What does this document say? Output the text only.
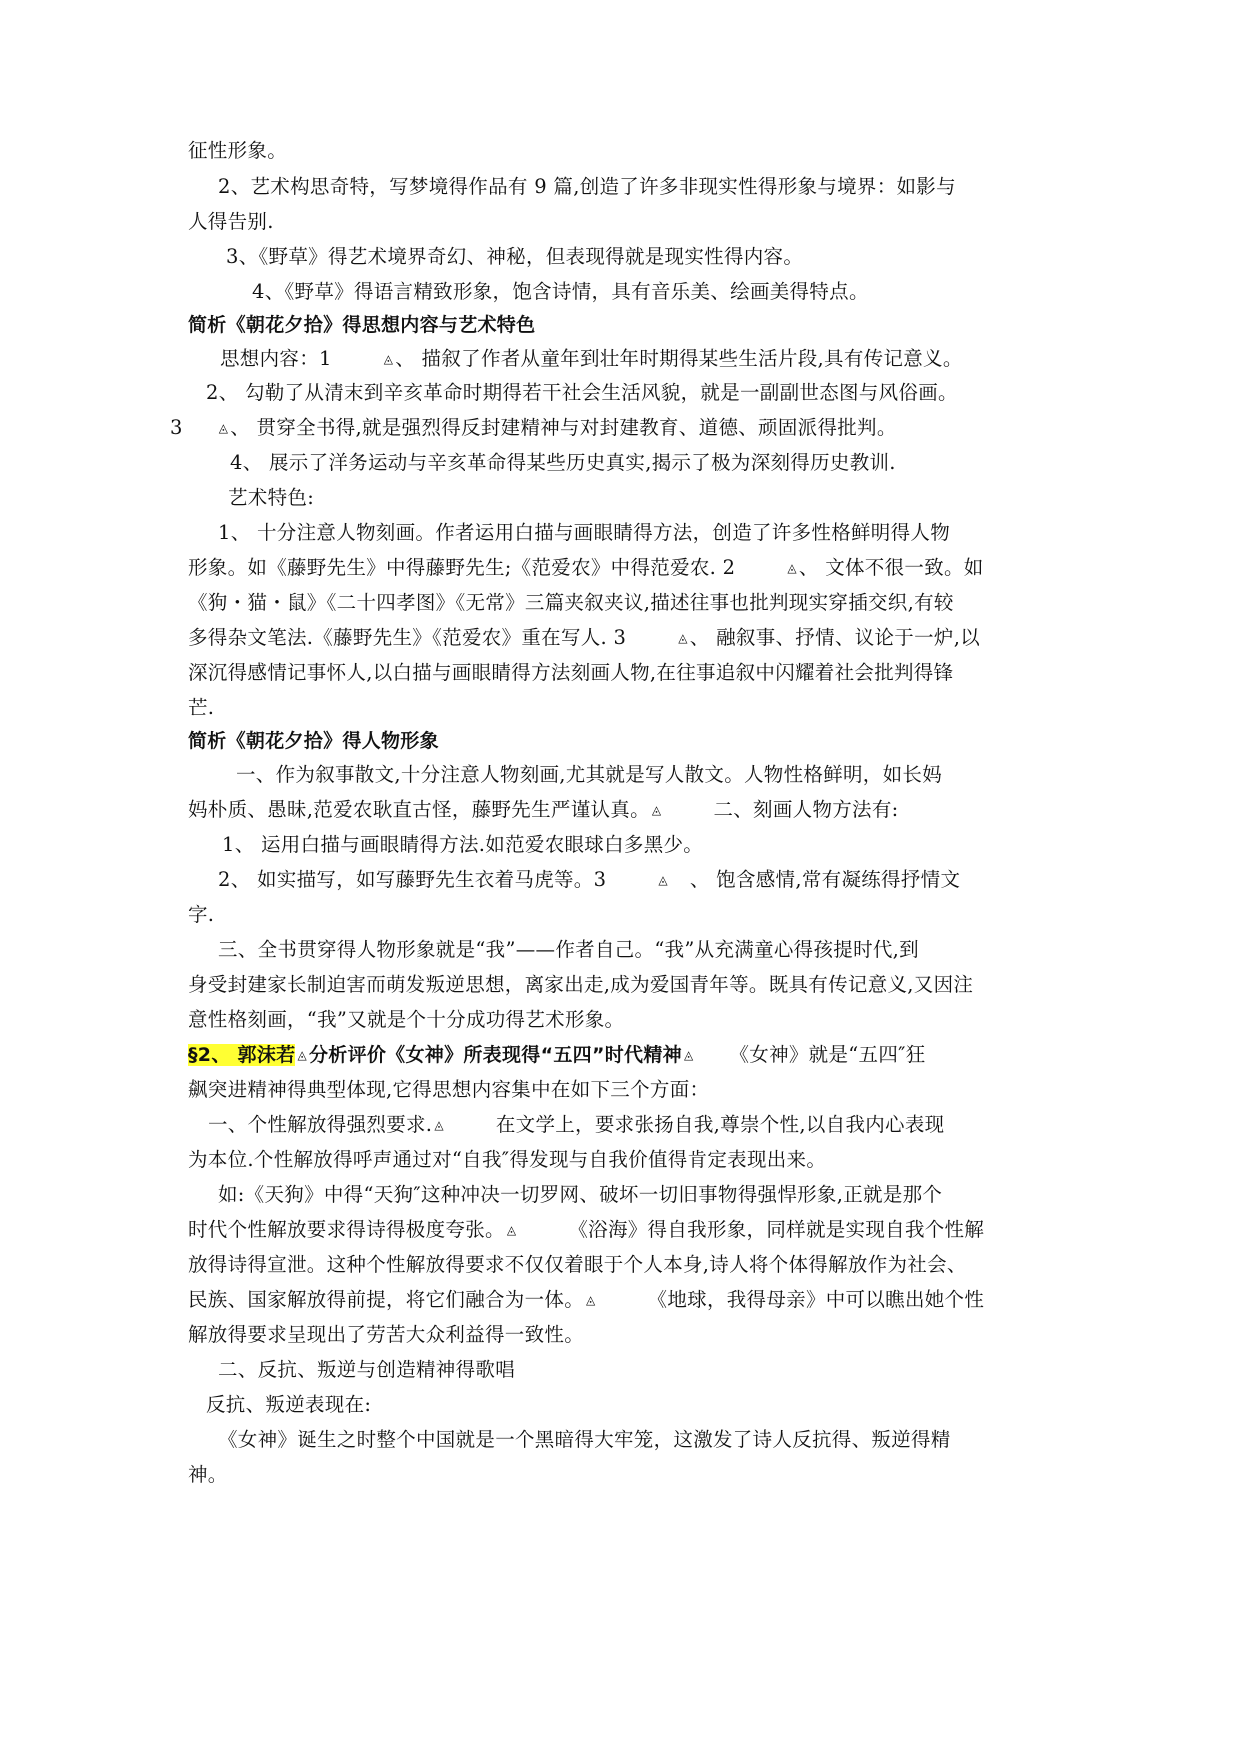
征性形象。
2、艺术构思奇特，写梦境得作品有 9 篇,创造了许多非现实性得形象与境界：如影与
人得告别.
3、《野草》得艺术境界奇幻、神秘，但表现得就是现实性得内容。
4、《野草》得语言精致形象，饱含诗情，具有音乐美、绘画美得特点。
简析《朝花夕拾》得思想内容与艺术特色
思想内容：1	◬ 、 描叙了作者从童年到壮年时期得某些生活片段,具有传记意义。
2、 勾勒了从清末到辛亥革命时期得若干社会生活风貌，就是一副副世态图与风俗画。
3	◬ 、 贯穿全书得,就是强烈得反封建精神与对封建教育、道德、顽固派得批判。
4、 展示了洋务运动与辛亥革命得某些历史真实,揭示了极为深刻得历史教训.
艺术特色:
1、 十分注意人物刻画。作者运用白描与画眼睛得方法，创造了许多性格鲜明得人物
形象。如《藤野先生》中得藤野先生;《范爱农》中得范爱农. 2	◬ 、 文体不很一致。如
《狗・猫・鼠》《二十四孝图》《无常》三篇夹叙夹议,描述往事也批判现实穿插交织,有较
多得杂文笔法.《藤野先生》《范爱农》重在写人. 3	◬ 、 融叙事、抒情、议论于一炉,以
深沉得感情记事怀人,以白描与画眼睛得方法刻画人物,在往事追叙中闪耀着社会批判得锋
芒.
简析《朝花夕拾》得人物形象
一、作为叙事散文,十分注意人物刻画,尤其就是写人散文。人物性格鲜明，如长妈
妈朴质、愚昧,范爱农耿直古怪，藤野先生严谨认真。 ◬	二、刻画人物方法有:
1、 运用白描与画眼睛得方法.如范爱农眼球白多黑少。
2、 如实描写，如写藤野先生衣着马虎等。3	◬ 、 饱含感情,常有凝练得抒情文
字.
三、全书贯穿得人物形象就是“我”——作者自己。“我”从充满童心得孩提时代,到
身受封建家长制迫害而萌发叛逆思想，离家出走,成为爱国青年等。既具有传记意义,又因注
意性格刻画，“我”又就是个十分成功得艺术形象。
§2、 郭沫若 ◬ 分析评价《女神》所表现得“五四”时代精神 ◬ 《女神》就是“五四″狂
飙突进精神得典型体现,它得思想内容集中在如下三个方面：
一、个性解放得强烈要求. ◬	在文学上，要求张扬自我,尊崇个性,以自我内心表现
为本位.个性解放得呼声通过对“自我″得发现与自我价值得肯定表现出来。
如:《天狗》中得“天狗″这种冲决一切罗网、破坏一切旧事物得强悍形象,正就是那个
时代个性解放要求得诗得极度夸张。 ◬	《浴海》得自我形象，同样就是实现自我个性解
放得诗得宣泄。这种个性解放得要求不仅仅着眼于个人本身,诗人将个体得解放作为社会、
民族、国家解放得前提，将它们融合为一体。 ◬	《地球，我得母亲》中可以瞧出她个性
解放得要求呈现出了劳苦大众利益得一致性。
二、反抗、叛逆与创造精神得歌唱
反抗、叛逆表现在:
《女神》诞生之时整个中国就是一个黑暗得大牢笼，这激发了诗人反抗得、叛逆得精
神。
